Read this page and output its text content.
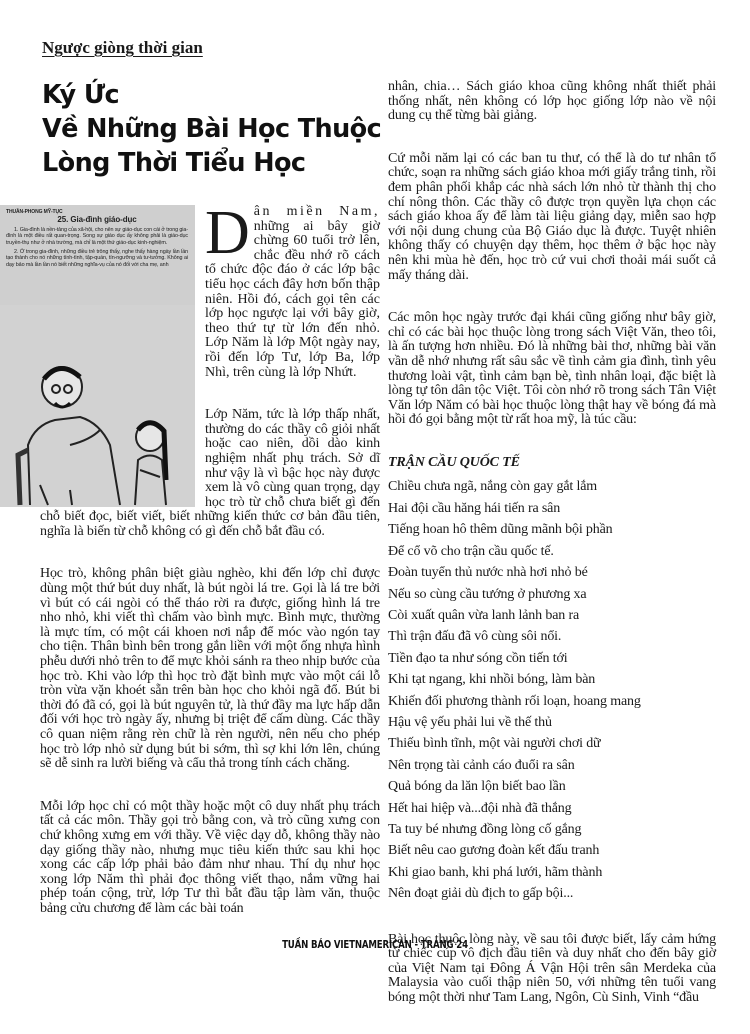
Ngược giòng thời gian
Ký Ức
Về Những Bài Học Thuộc
Lòng Thời Tiểu Học
THUẦN-PHONG MỸ-TỤC
25. Gia-đình giáo-dục
1. Gia-đình là nền-tảng của xã-hội, cho nên sự giáo-dục con cái ở trong gia-đình là một điều rất quan-trọng. Song sự giáo dục ấy không phải là giáo-dục truyền-thụ như ở nhà trường, mà chỉ là một thứ giáo-dục kinh-nghiệm.
2. Ở trong gia-đình, những điều trẻ trông thấy, nghe thấy hàng ngày lần lần tạo thành cho nó những tính-tình, tập-quán, tín-ngưỡng và tư-tưởng. Không ai dạy bảo mà lần lần nó biết những nghĩa-vụ của nó đối với cha mẹ, anh Dân miền Nam, những ai bây giờ chừng 60 tuổi trở lên, chắc đều nhớ rõ cách tổ chức độc đáo ở các lớp bậc tiểu học cách đây hơn bốn thập niên. Hồi đó, cách gọi tên các lớp học ngược lại với bây giờ, theo thứ tự từ lớn đến nhỏ. Lớp Năm là lớp Một ngày nay, rồi đến lớp Tư, lớp Ba, lớp Nhì, trên cùng là lớp Nhứt.

Lớp Năm, tức là lớp thấp nhất, thường do các thầy cô giỏi nhất hoặc cao niên, dồi dào kinh nghiệm nhất phụ trách. Sở dĩ như vậy là vì bậc học này được xem là vô cùng quan trọng, dạy học trò từ chỗ chưa biết gì đến chỗ biết đọc, biết viết, biết những kiến thức cơ bản đầu tiên, nghĩa là biến từ chỗ không có gì đến chỗ bắt đầu có.

Học trò, không phân biệt giàu nghèo, khi đến lớp chỉ được dùng một thứ bút duy nhất, là bút ngòi lá tre. Gọi là lá tre bởi vì bút có cái ngòi có thể tháo rời ra được, giống hình lá tre nho nhỏ, khi viết thì chấm vào bình mực. Bình mực, thường là mực tím, có một cái khoen nơi nắp để móc vào ngón tay cho tiện. Thân bình bên trong gắn liền với một ống nhựa hình phễu dưới nhỏ trên to để mực khỏi sánh ra theo nhịp bước của học trò. Khi vào lớp thì học trò đặt bình mực vào một cái lỗ tròn vừa vặn khoét sẵn trên bàn học cho khỏi ngã đổ. Bút bi thời đó đã có, gọi là bút nguyên tử, là thứ đầy ma lực hấp dẫn đối với học trò ngày ấy, nhưng bị triệt để cấm dùng. Các thầy cô quan niệm rằng rèn chữ là rèn người, nên nếu cho phép học trò lớp nhỏ sử dụng bút bi sớm, thì sợ khi lớn lên, chúng sẽ dễ sinh ra lười biếng và cẩu thả trong tính cách chăng.

Mỗi lớp học chỉ có một thầy hoặc một cô duy nhất phụ trách tất cả các môn. Thầy gọi trò bằng con, và trò cũng xưng con chứ không xưng em với thầy. Về việc dạy dỗ, không thầy nào dạy giống thầy nào, nhưng mục tiêu kiến thức sau khi học xong các cấp lớp phải bảo đảm như nhau. Thí dụ như học xong lớp Năm thì phải đọc thông viết thạo, nắm vững hai phép toán cộng, trừ, lớp Tư thì bắt đầu tập làm văn, thuộc bảng cửu chương để làm các bài toán

nhân, chia… Sách giáo khoa cũng không nhất thiết phải thống nhất, nên không có lớp học giống lớp nào về nội dung cụ thể từng bài giảng.

Cứ mỗi năm lại có các ban tu thư, có thể là do tư nhân tổ chức, soạn ra những sách giáo khoa mới giấy trắng tinh, rồi đem phân phối khắp các nhà sách lớn nhỏ từ thành thị cho chí nông thôn. Các thầy cô được trọn quyền lựa chọn các sách giáo khoa ấy để làm tài liệu giảng dạy, miễn sao hợp với nội dung chung của Bộ Giáo dục là được. Tuyệt nhiên không thấy có chuyện dạy thêm, học thêm ở bậc học này nên khi mùa hè đến, học trò cứ vui chơi thoải mái suốt cả mấy tháng dài.

Các môn học ngày trước đại khái cũng giống như bây giờ, chỉ có các bài học thuộc lòng trong sách Việt Văn, theo tôi, là ấn tượng hơn nhiều. Đó là những bài thơ, những bài văn vần dễ nhớ nhưng rất sâu sắc về tình cảm gia đình, tình yêu thương loài vật, tình cảm bạn bè, tình nhân loại, đặc biệt là lòng tự tôn dân tộc Việt. Tôi còn nhớ rõ trong sách Tân Việt Văn lớp Năm có bài học thuộc lòng thật hay về bóng đá mà hồi đó gọi bằng một từ rất hoa mỹ, là túc cầu:

TRẬN CẦU QUỐC TẾ
Chiều chưa ngã, nắng còn gay gắt lắm
Hai đội cầu hăng hái tiến ra sân
Tiếng hoan hô thêm dũng mãnh bội phần
Để cổ võ cho trận cầu quốc tế.
Đoàn tuyển thủ nước nhà hơi nhỏ bé
Nếu so cùng cầu tướng ở phương xa
Còi xuất quân vừa lanh lảnh ban ra
Thì trận đấu đã vô cùng sôi nổi.
Tiền đạo ta như sóng cồn tiến tới
Khi tạt ngang, khi nhồi bóng, làm bàn
Khiến đối phương thành rối loạn, hoang mang
Hậu vệ yếu phải lui về thế thủ
Thiếu bình tĩnh, một vài người chơi dữ
Nên trọng tài cảnh cáo đuổi ra sân
Quả bóng da lăn lộn biết bao lần
Hết hai hiệp và...đội nhà đã thắng
Ta tuy bé nhưng đồng lòng cố gắng
Biết nêu cao gương đoàn kết đấu tranh
Khi giao banh, khi phá lưới, hãm thành
Nên đoạt giải dù địch to gấp bội...

Bài học thuộc lòng này, về sau tôi được biết, lấy cảm hứng từ chiếc cúp vô địch đầu tiên và duy nhất cho đến bây giờ của Việt Nam tại Đông Á Vận Hội trên sân Merdeka của Malaysia vào cuối thập niên 50, với những tên tuổi vang bóng một thời như Tam Lang, Ngôn, Cù Sinh, Vinh “đầu

TUẦN BÁO VIETNAMERICAN - TRANG 24
